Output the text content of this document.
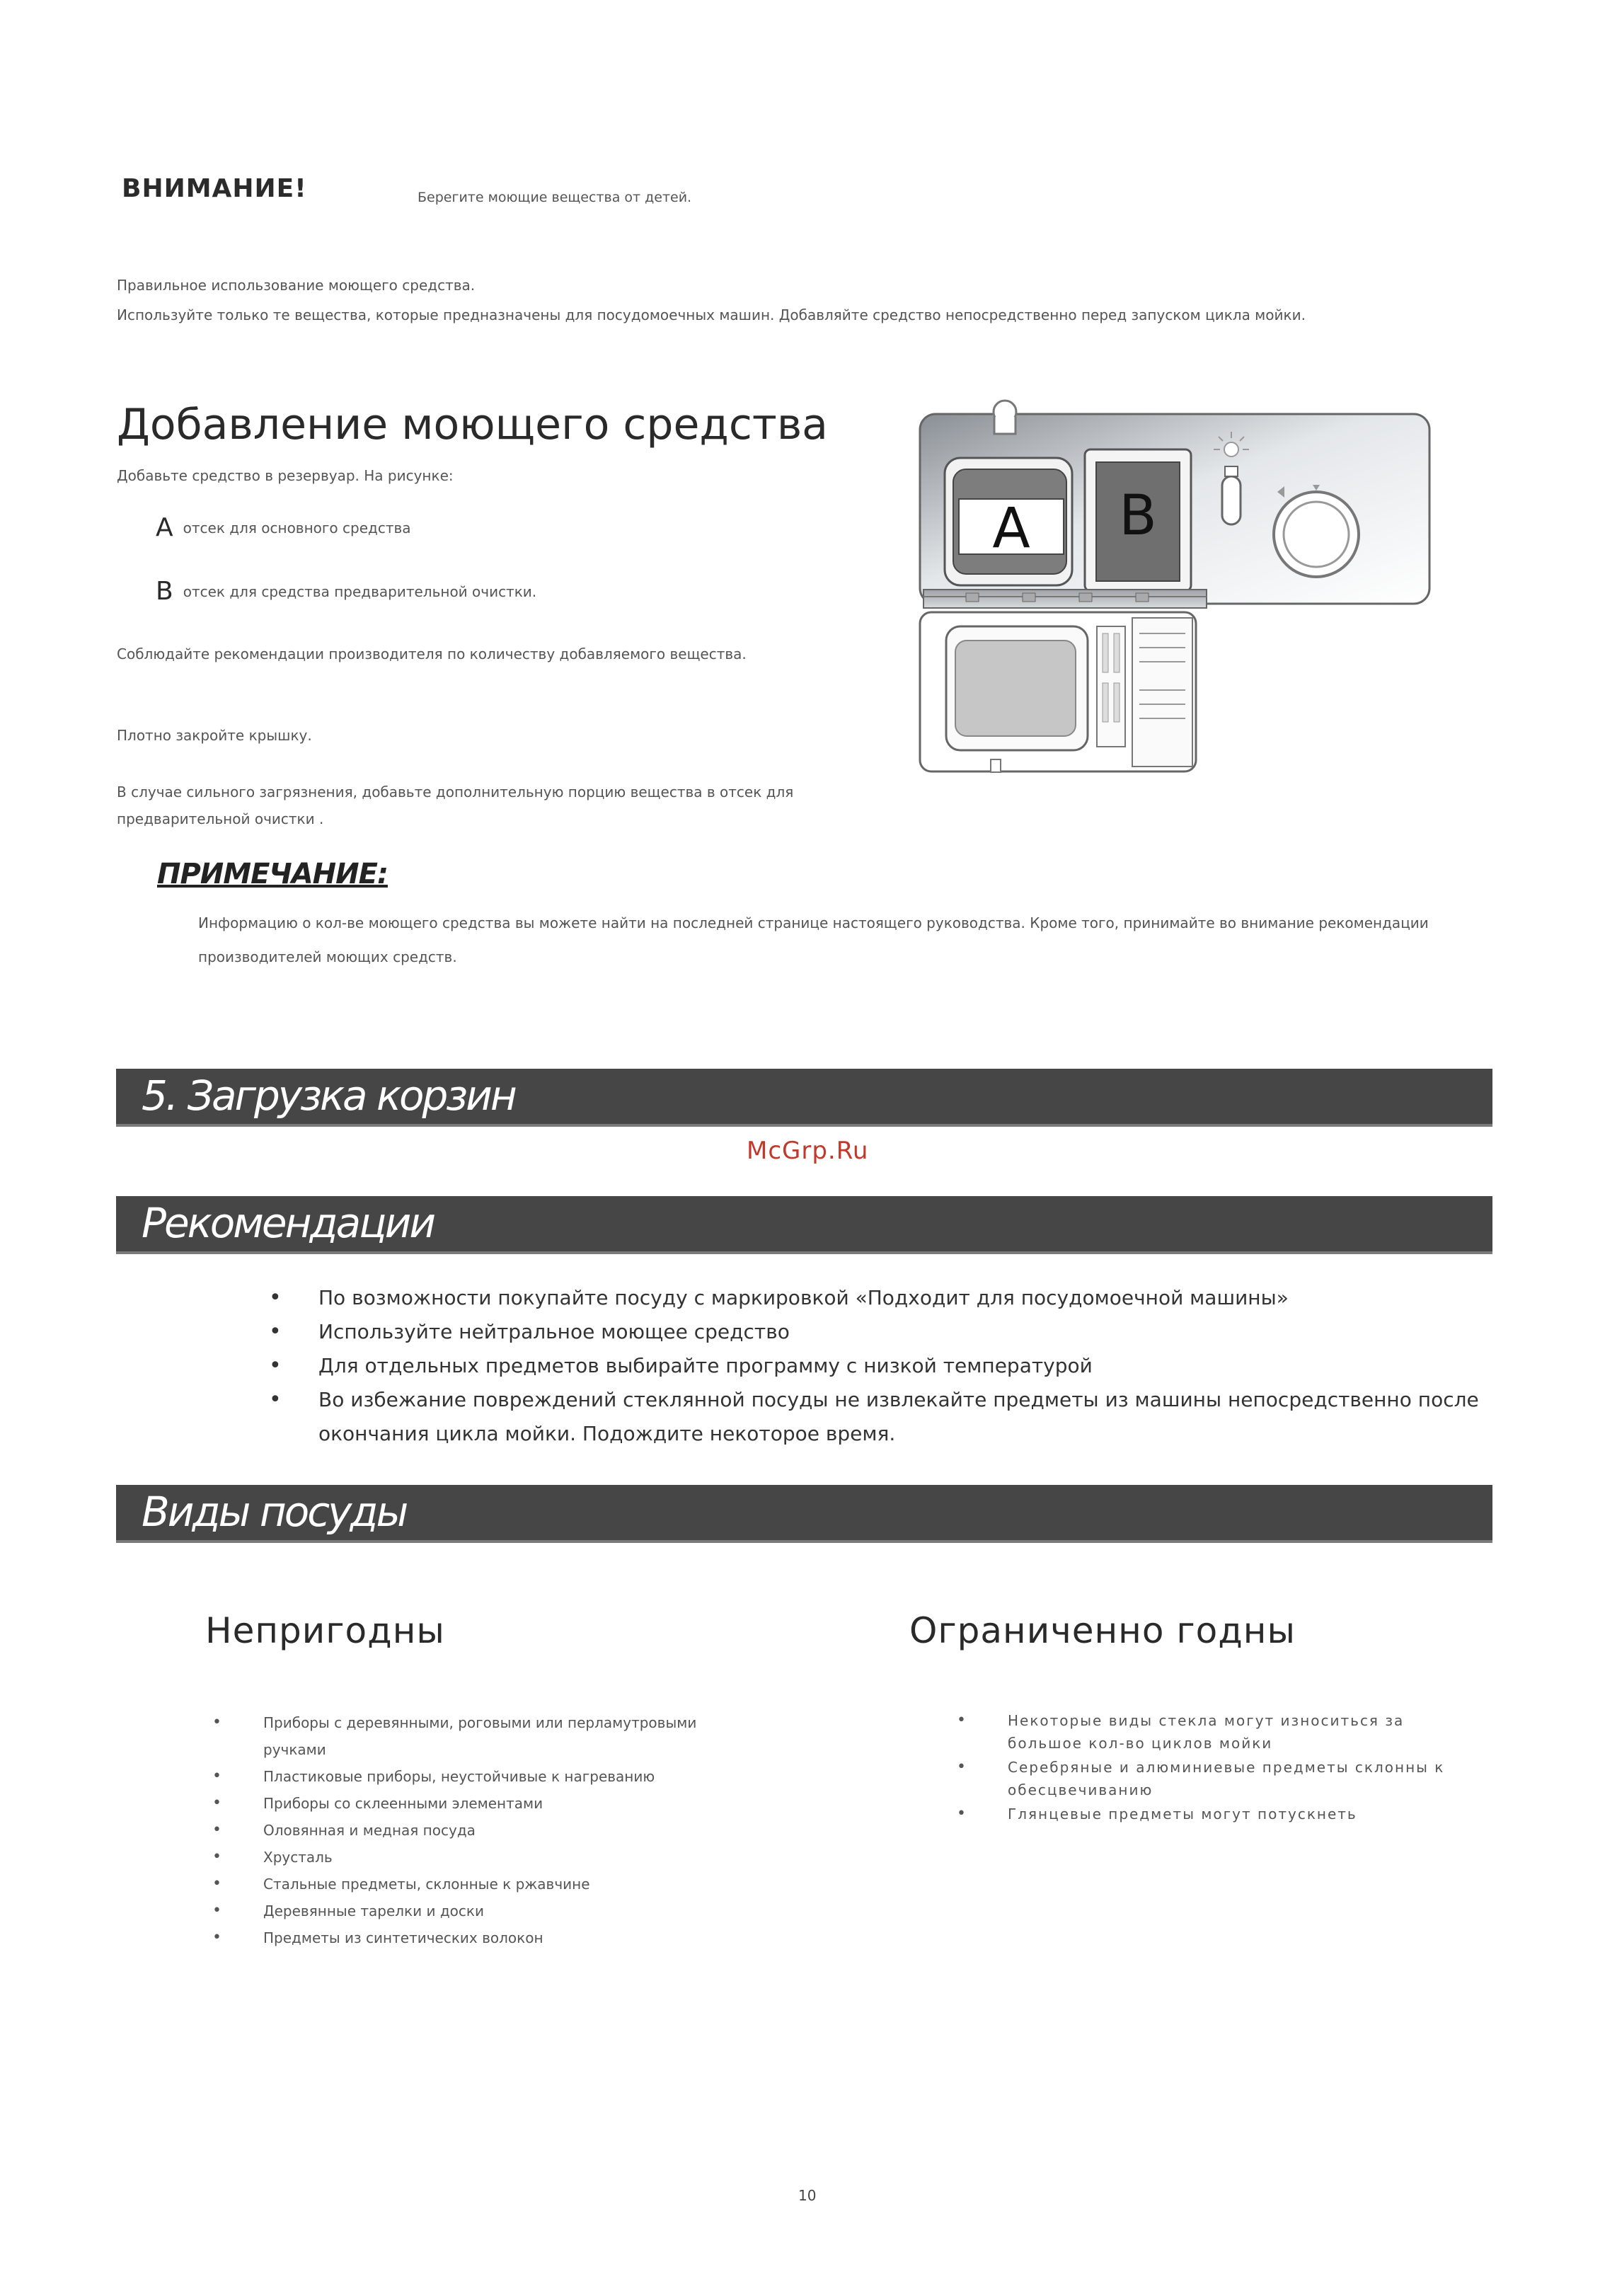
ВНИМАНИЕ!	Берегите моющие вещества от детей.
Правильное использование моющего средства.
Используйте только те вещества, которые предназначены для посудомоечных машин. Добавляйте средство непосредственно перед запуском цикла мойки.
Добавление моющего средства
Добавьте средство в резервуар. На рисунке:
Aотсек для основного средства
Bотсек для средства предварительной очистки.
Соблюдайте рекомендации производителя по количеству добавляемого вещества.
Плотно закройте крышку.
В случае сильного загрязнения, добавьте дополнительную порцию вещества в отсек для предварительной очистки .
A B
ПРИМЕЧАНИЕ:
Информацию о кол-ве моющего средства вы можете найти на последней странице настоящего руководства. Кроме того, принимайте во внимание рекомендации производителей моющих средств.
5. Загрузка корзин
McGrp.Ru
Рекомендации
• По возможности покупайте посуду с маркировкой «Подходит для посудомоечной машины»
• Используйте нейтральное моющее средство
• Для отдельных предметов выбирайте программу с низкой температурой
• Во избежание повреждений стеклянной посуды не извлекайте предметы из машины непосредственно после окончания цикла мойки. Подождите некоторое время.
Виды посуды
Непригодны
•	Приборы с деревянными, роговыми или перламутровыми ручками
•	Пластиковые приборы, неустойчивые к нагреванию
•	Приборы со склеенными элементами
•	Оловянная и медная посуда
•	Хрусталь
•	Стальные предметы, склонные к ржавчине
•	Деревянные тарелки и доски
•	Предметы из синтетических волокон
Ограниченно годны
•	Некоторые виды стекла могут износиться за большое кол-во циклов мойки
•	Серебряные и алюминиевые предметы склонны к обесцвечиванию
•	Глянцевые предметы могут потускнеть
10
